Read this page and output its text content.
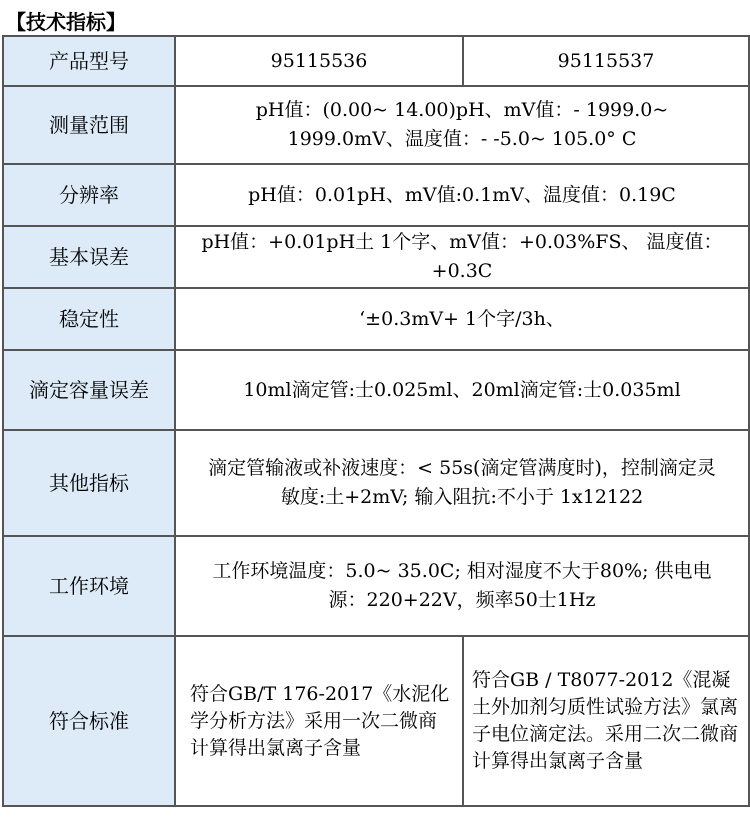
【技术指标】
产品型号	95115536	95115537
测量范围	pH值：(0.00~ 14.00)pH、mV值：- 1999.0~ 1999.0mV、温度值：- -5.0~ 105.0° C	
分辨率	pH值：0.01pH、mV值:0.1mV、温度值：0.19C	
基本误差	pH值：+0.01pH土 1个字、mV值：+0.03%FS、 温度值：+0.3C	
稳定性	‘±0.3mV+ 1个字/3h、	
滴定容量误差	10ml滴定管:士0.025ml、20ml滴定管:士0.035ml	
其他指标	滴定管输液或补液速度：< 55s(滴定管满度时)，控制滴定灵敏度:土+2mV; 输入阻抗:不小于 1x12122	
工作环境	工作环境温度：5.0~ 35.0C; 相对湿度不大于80%; 供电电源：220+22V，频率50士1Hz	
符合标准	符合GB/T 176-2017《水泥化学分析方法》采用一次二微商计算得出氯离子含量	符合GB / T8077-2012《混凝土外加剂匀质性试验方法》氯离子电位滴定法。采用二次二微商计算得出氯离子含量
